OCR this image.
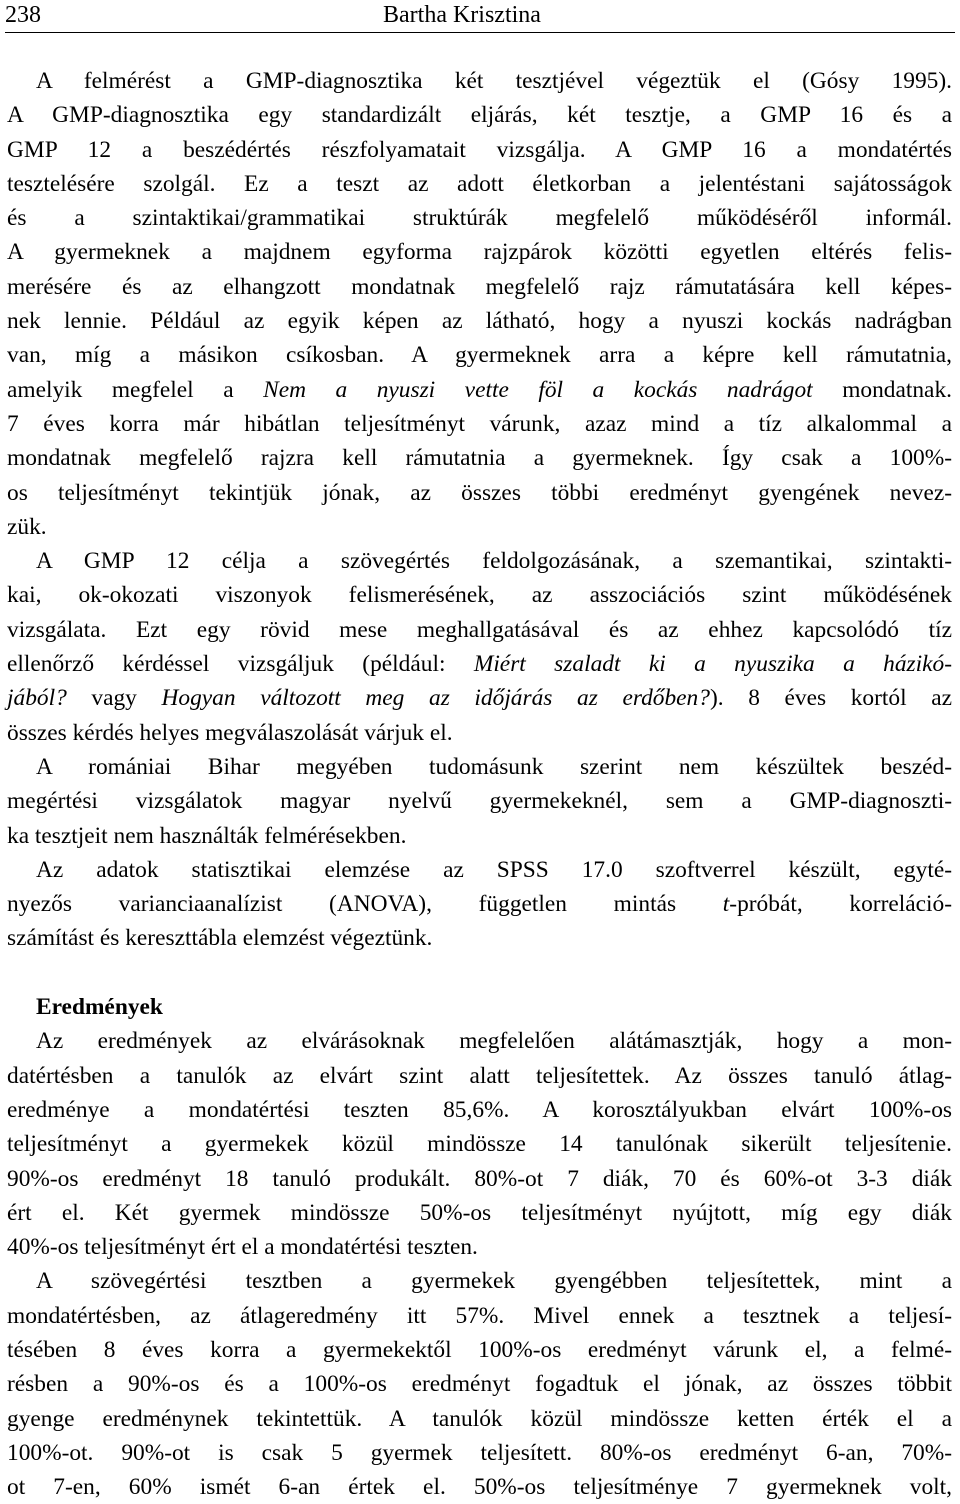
238	Bartha Krisztina
A felmérést a GMP-diagnosztika két tesztjével végeztük el (Gósy 1995).
A GMP-diagnosztika egy standardizált eljárás, két tesztje, a GMP 16 és a
GMP 12 a beszédértés részfolyamatait vizsgálja. A GMP 16 a mondatértés
tesztelésére szolgál. Ez a teszt az adott életkorban a jelentéstani sajátosságok
és a szintaktikai/grammatikai struktúrák megfelelő működéséről informál.
A gyermeknek a majdnem egyforma rajzpárok közötti egyetlen eltérés felis-
merésére és az elhangzott mondatnak megfelelő rajz rámutatására kell képes-
nek lennie. Például az egyik képen az látható, hogy a nyuszi kockás nadrágban
van, míg a másikon csíkosban. A gyermeknek arra a képre kell rámutatnia,
amelyik megfelel a Nem a nyuszi vette föl a kockás nadrágot mondatnak.
7 éves korra már hibátlan teljesítményt várunk, azaz mind a tíz alkalommal a
mondatnak megfelelő rajzra kell rámutatnia a gyermeknek. Így csak a 100%-
os teljesítményt tekintjük jónak, az összes többi eredményt gyengének nevez-
zük.
A GMP 12 célja a szövegértés feldolgozásának, a szemantikai, szintakti-
kai, ok-okozati viszonyok felismerésének, az asszociációs szint működésének
vizsgálata. Ezt egy rövid mese meghallgatásával és az ehhez kapcsolódó tíz
ellenőrző kérdéssel vizsgáljuk (például: Miért szaladt ki a nyuszika a házikó-
jából? vagy Hogyan változott meg az időjárás az erdőben?). 8 éves kortól az
összes kérdés helyes megválaszolását várjuk el.
A romániai Bihar megyében tudomásunk szerint nem készültek beszéd-
megértési vizsgálatok magyar nyelvű gyermekeknél, sem a GMP-diagnoszti-
ka tesztjeit nem használták felmérésekben.
Az adatok statisztikai elemzése az SPSS 17.0 szoftverrel készült, egyté-
nyezős varianciaanalízist (ANOVA), független mintás t-próbát, korreláció-
számítást és kereszttábla elemzést végeztünk.
Eredmények
Az eredmények az elvárásoknak megfelelően alátámasztják, hogy a mon-
datértésben a tanulók az elvárt szint alatt teljesítettek. Az összes tanuló átlag-
eredménye a mondatértési teszten 85,6%. A korosztályukban elvárt 100%-os
teljesítményt a gyermekek közül mindössze 14 tanulónak sikerült teljesítenie.
90%-os eredményt 18 tanuló produkált. 80%-ot 7 diák, 70 és 60%-ot 3-3 diák
ért el. Két gyermek mindössze 50%-os teljesítményt nyújtott, míg egy diák
40%-os teljesítményt ért el a mondatértési teszten.
A szövegértési tesztben a gyermekek gyengébben teljesítettek, mint a
mondatértésben, az átlageredmény itt 57%. Mivel ennek a tesztnek a teljesí-
tésében 8 éves korra a gyermekektől 100%-os eredményt várunk el, a felmé-
résben a 90%-os és a 100%-os eredményt fogadtuk el jónak, az összes többit
gyenge eredménynek tekintettük. A tanulók közül mindössze ketten érték el a
100%-ot. 90%-ot is csak 5 gyermek teljesített. 80%-os eredményt 6-an, 70%-
ot 7-en, 60% ismét 6-an értek el. 50%-os teljesítménye 7 gyermeknek volt,
